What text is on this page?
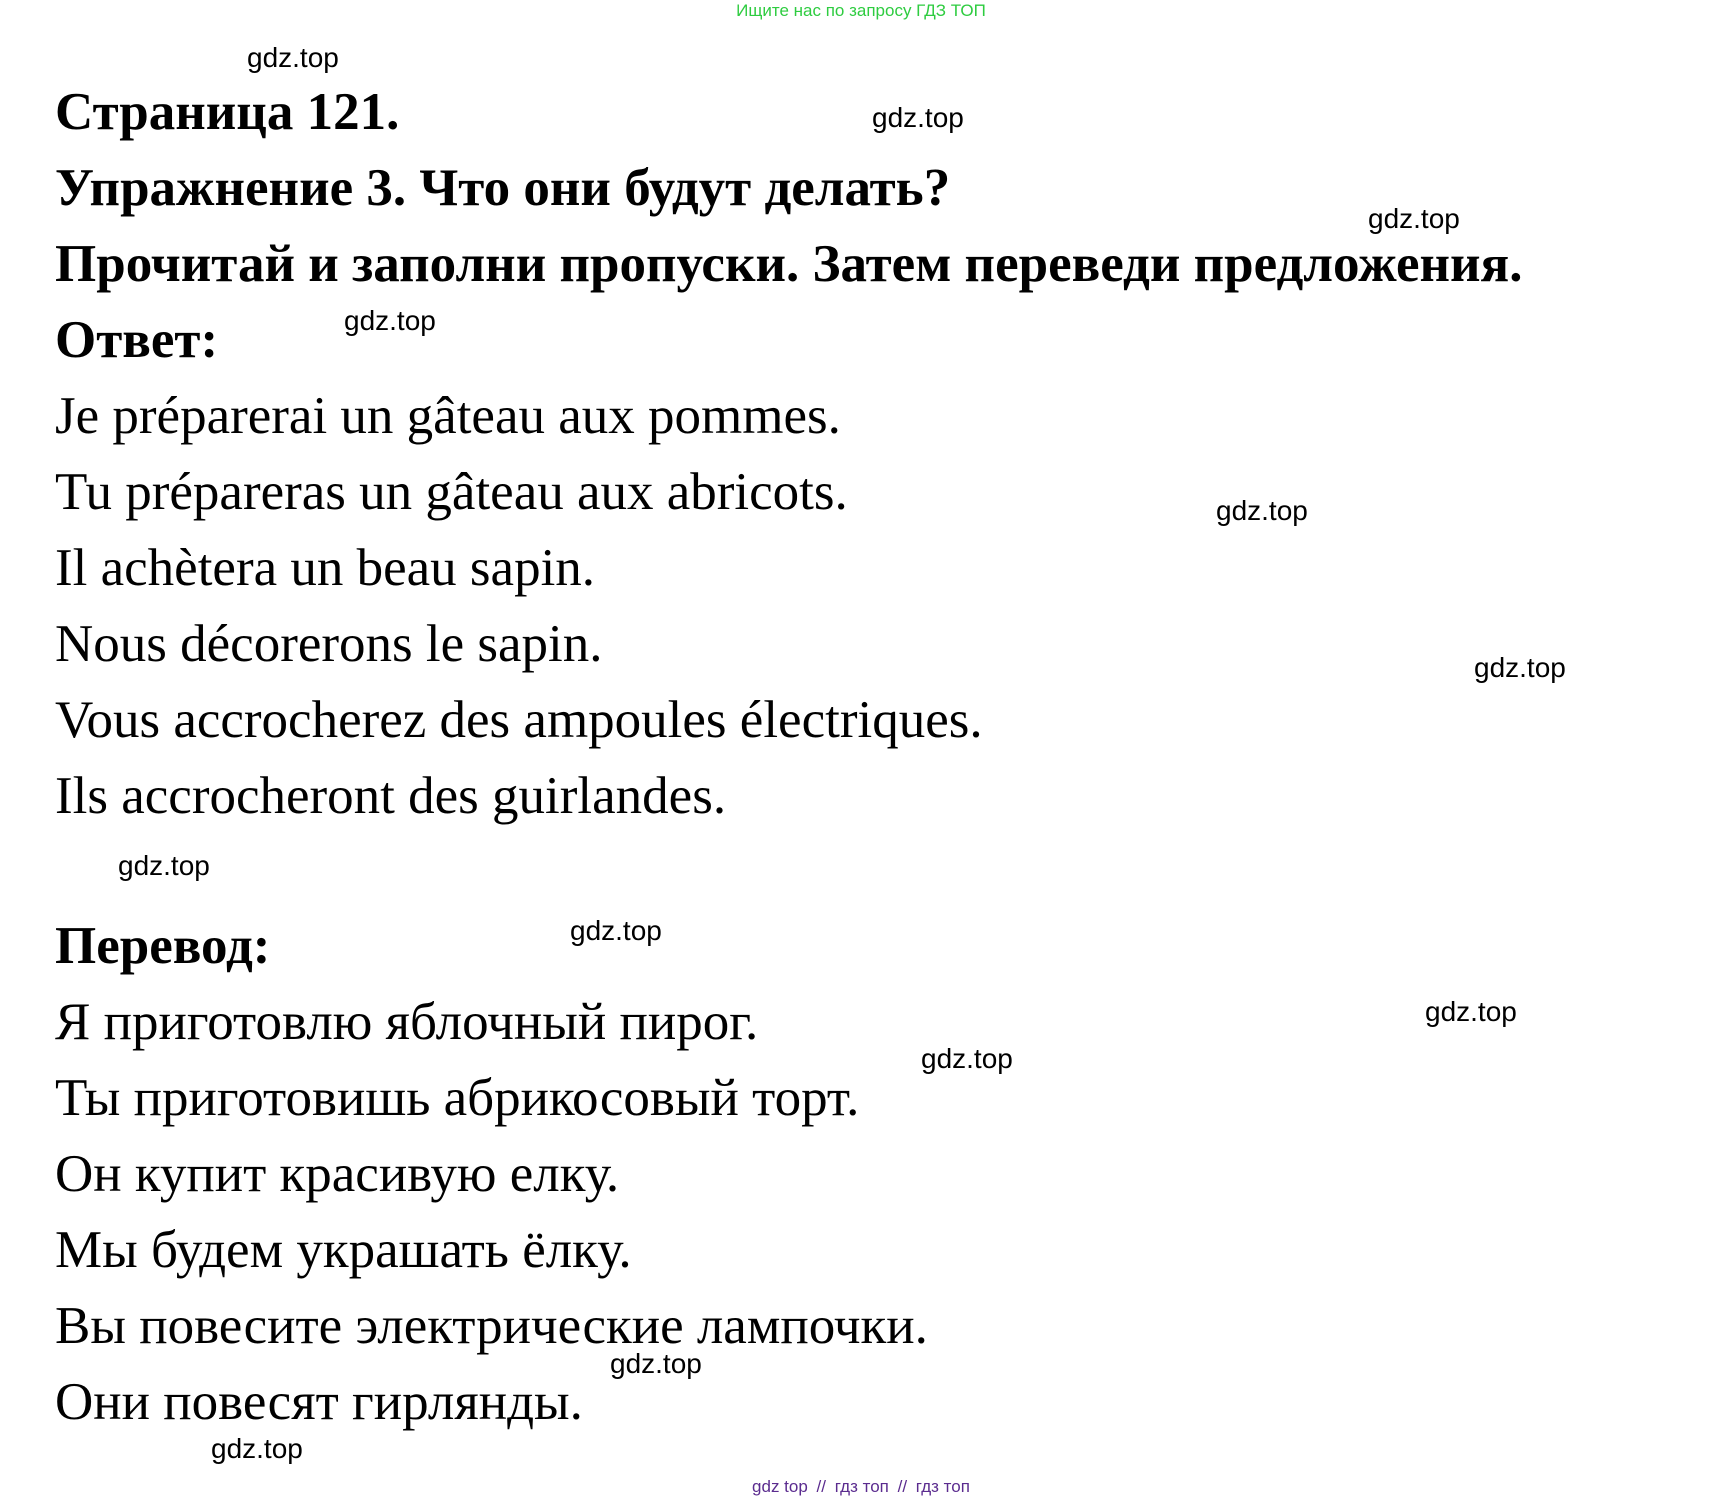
Ищите нас по запросу ГДЗ ТОП
Страница 121.
Упражнение 3. Что они будут делать?
Прочитай и заполни пропуски. Затем переведи предложения.
Ответ:
Je préparerai un gâteau aux pommes.
Tu prépareras un gâteau aux abricots.
Il achètera un beau sapin.
Nous décorerons le sapin.
Vous accrocherez des ampoules électriques.
Ils accrocheront des guirlandes.
Перевод:
Я приготовлю яблочный пирог.
Ты приготовишь абрикосовый торт.
Он купит красивую елку.
Мы будем украшать ёлку.
Вы повесите электрические лампочки.
Они повесят гирлянды.
gdz.top
gdz.top
gdz.top
gdz.top
gdz.top
gdz.top
gdz.top
gdz.top
gdz.top
gdz.top
gdz.top
gdz.top
gdz top // гдз топ // гдз топ
